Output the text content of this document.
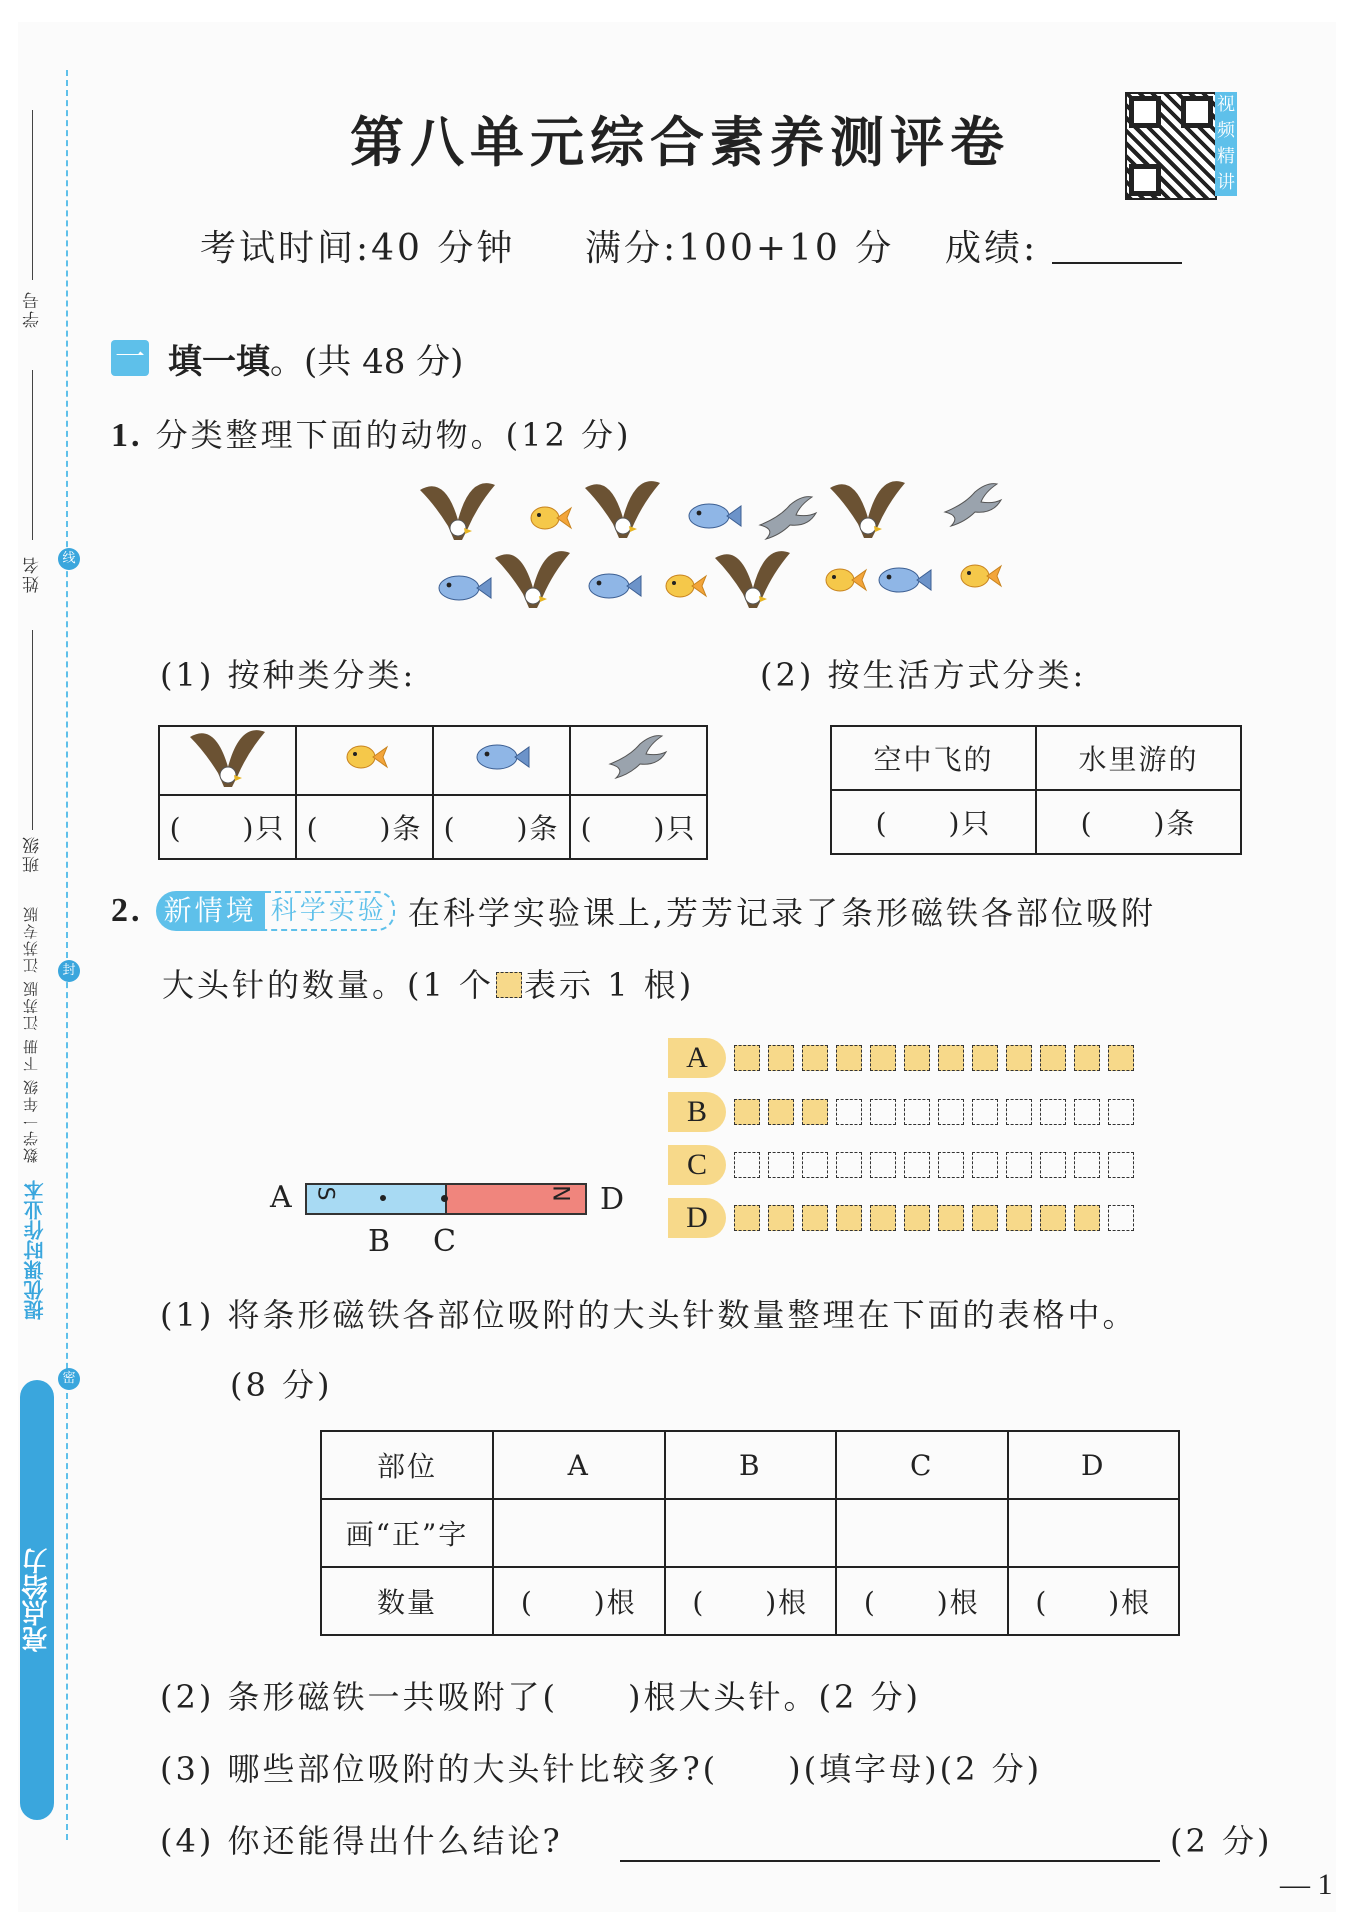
学号
姓名
班级
线
封
密
数学一年级 下册 江苏版 江苏专版
提优课时作业本
亮点给力
第八单元综合素养测评卷
视频精讲
考试时间:40 分钟 满分:100+10 分 成绩:
一 填一填。(共 48 分)
1. 分类整理下面的动物。(12 分)
(1) 按种类分类:	(2) 按生活方式分类:

(　　)只	(　　)条	(　　)条	(　　)只
空中飞的	水里游的
(　　)只	(　　)条
2.
新情境 科学实验
在科学实验课上,芳芳记录了条形磁铁各部位吸附
大头针的数量。(1 个 表示 1 根)
A S	N D
B C
A
B
C
D
(1) 将条形磁铁各部位吸附的大头针数量整理在下面的表格中。
(8 分)
部位	A	B	C	D
画“正”字				
数量	(　　)根	(　　)根	(　　)根	(　　)根
(2) 条形磁铁一共吸附了(　　)根大头针。(2 分)
(3) 哪些部位吸附的大头针比较多?(　　)(填字母)(2 分)
(4) 你还能得出什么结论?	(2 分)
— 1
